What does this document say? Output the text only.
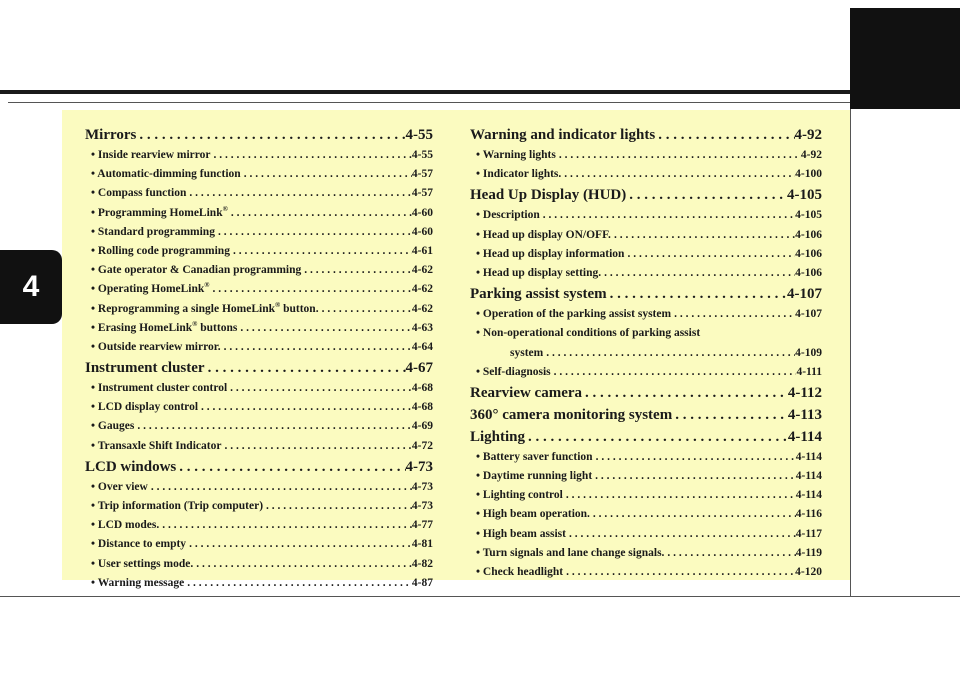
4
Mirrors . . .	4-55
• Inside rearview mirror . . .	4-55
• Automatic-dimming function . . .	4-57
• Compass function . . .	4-57
• Programming HomeLink® . . .	4-60
• Standard programming . . .	4-60
• Rolling code programming . . .	4-61
• Gate operator & Canadian programming . . .	4-62
• Operating HomeLink® . . .	4-62
• Reprogramming a single HomeLink® button. . . .	4-62
• Erasing HomeLink® buttons . . .	4-63
• Outside rearview mirror. . . .	4-64
Instrument cluster . . .	4-67
• Instrument cluster control . . .	4-68
• LCD display control . . .	4-68
• Gauges . . .	4-69
• Transaxle Shift Indicator . . .	4-72
LCD windows . . .	4-73
• Over view . . .	4-73
• Trip information (Trip computer) . . .	4-73
• LCD modes. . . .	4-77
• Distance to empty . . .	4-81
• User settings mode. . . .	4-82
• Warning message . . .	4-87
Warning and indicator lights . . .	4-92
• Warning lights . . .	4-92
• Indicator lights. . . .	4-100
Head Up Display (HUD) . . .	4-105
• Description . . .	4-105
• Head up display ON/OFF. . . .	4-106
• Head up display information . . .	4-106
• Head up display setting. . . .	4-106
Parking assist system . . .	4-107
• Operation of the parking assist system . . .	4-107
• Non-operational conditions of parking assist
system . . .	4-109
• Self-diagnosis . . .	4-111
Rearview camera . . .	4-112
360° camera monitoring system . . .	4-113
Lighting . . .	4-114
• Battery saver function . . .	4-114
• Daytime running light . . .	4-114
• Lighting control . . .	4-114
• High beam operation. . . .	4-116
• High beam assist . . .	4-117
• Turn signals and lane change signals. . . .	4-119
• Check headlight . . .	4-120
